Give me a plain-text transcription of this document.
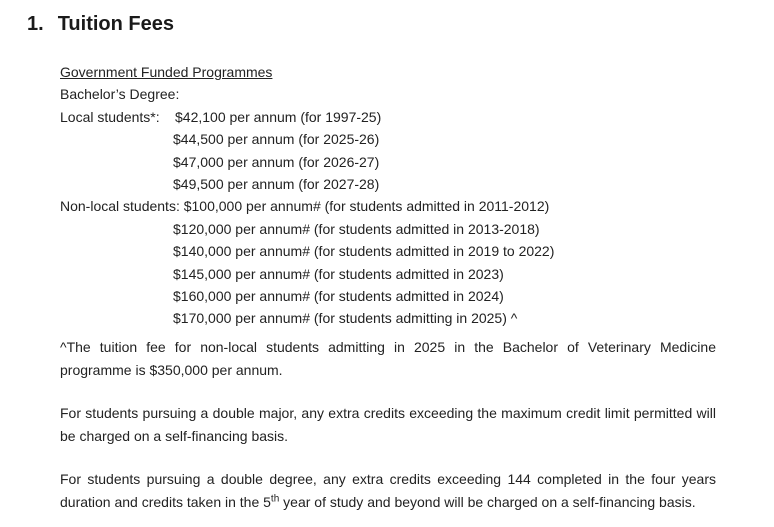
1. Tuition Fees
Government Funded Programmes
Bachelor’s Degree:
Local students*:	$42,100 per annum (for 1997-25)
$44,500 per annum (for 2025-26)
$47,000 per annum (for 2026-27)
$49,500 per annum (for 2027-28)
Non-local students:
$100,000 per annum# (for students admitted in 2011-2012)
$120,000 per annum# (for students admitted in 2013-2018)
$140,000 per annum# (for students admitted in 2019 to 2022)
$145,000 per annum# (for students admitted in 2023)
$160,000 per annum# (for students admitted in 2024)
$170,000 per annum# (for students admitting in 2025) ^

^The tuition fee for non-local students admitting in 2025 in the Bachelor of Veterinary Medicine programme is $350,000 per annum.

For students pursuing a double major, any extra credits exceeding the maximum credit limit permitted will be charged on a self-financing basis.

For students pursuing a double degree, any extra credits exceeding 144 completed in the four years duration and credits taken in the 5th year of study and beyond will be charged on a self-financing basis.
